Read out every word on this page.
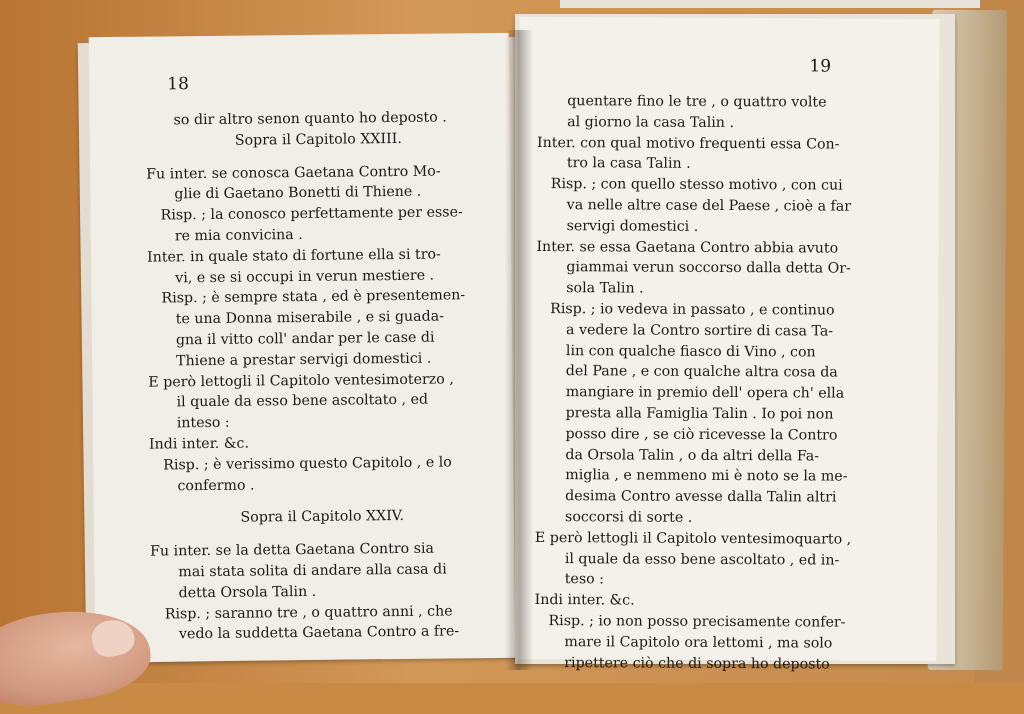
18
so dir altro senon quanto ho deposto .
Sopra il Capitolo XXIII.
Fu inter. se conosca Gaetana Contro Mo-
glie di Gaetano Bonetti di Thiene .
Risp. ; la conosco perfettamente per esse-
re mia convicina .
Inter. in quale stato di fortune ella si tro-
vi, e se si occupi in verun mestiere .
Risp. ; è sempre stata , ed è presentemen-
te una Donna miserabile , e si guada-
gna il vitto coll' andar per le case di
Thiene a prestar servigi domestici .
E però lettogli il Capitolo ventesimoterzo ,
il quale da esso bene ascoltato , ed
inteso :
Indi inter. &c.
Risp. ; è verissimo questo Capitolo , e lo
confermo .
Sopra il Capitolo XXIV.
Fu inter. se la detta Gaetana Contro sia
mai stata solita di andare alla casa di
detta Orsola Talin .
Risp. ; saranno tre , o quattro anni , che
vedo la suddetta Gaetana Contro a fre-
19
quentare fino le tre , o quattro volte
al giorno la casa Talin .
Inter. con qual motivo frequenti essa Con-
tro la casa Talin .
Risp. ; con quello stesso motivo , con cui
va nelle altre case del Paese , cioè a far
servigi domestici .
Inter. se essa Gaetana Contro abbia avuto
giammai verun soccorso dalla detta Or-
sola Talin .
Risp. ; io vedeva in passato , e continuo
a vedere la Contro sortire di casa Ta-
lin con qualche fiasco di Vino , con
del Pane , e con qualche altra cosa da
mangiare in premio dell' opera ch' ella
presta alla Famiglia Talin . Io poi non
posso dire , se ciò ricevesse la Contro
da Orsola Talin , o da altri della Fa-
miglia , e nemmeno mi è noto se la me-
desima Contro avesse dalla Talin altri
soccorsi di sorte .
E però lettogli il Capitolo ventesimoquarto ,
il quale da esso bene ascoltato , ed in-
teso :
Indi inter. &c.
Risp. ; io non posso precisamente confer-
mare il Capitolo ora lettomi , ma solo
ripettere ciò che di sopra ho deposto
